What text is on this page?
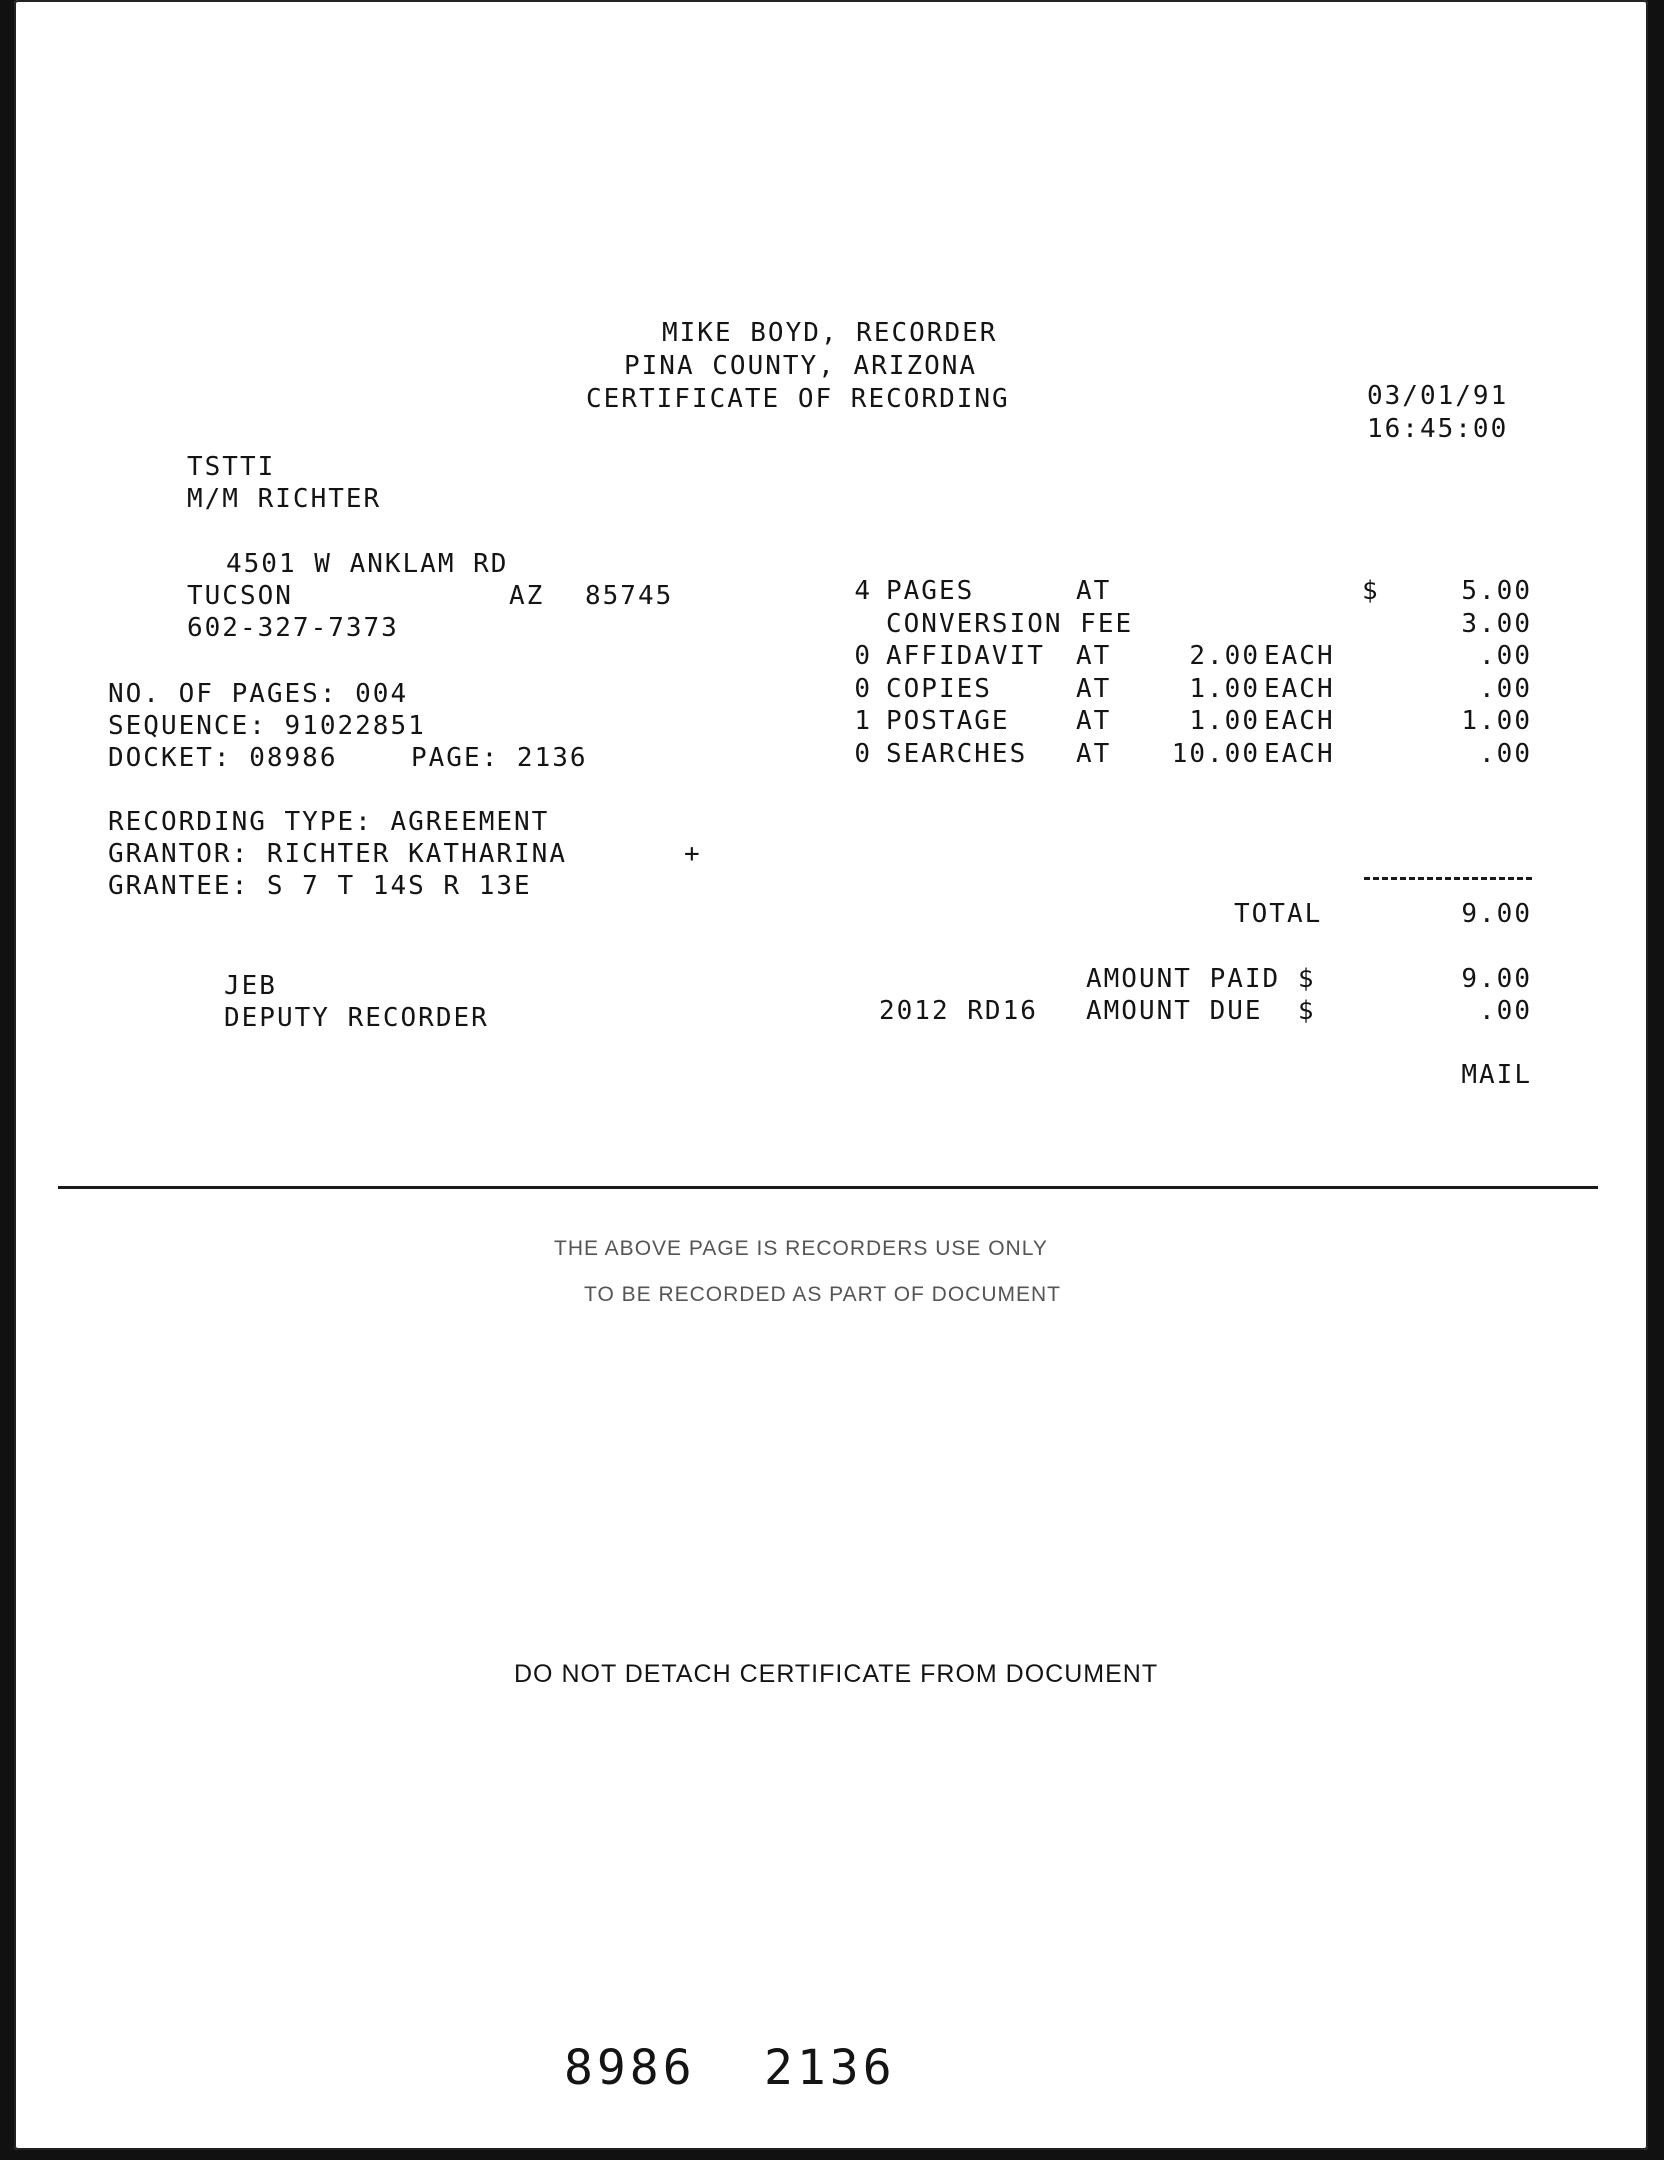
MIKE BOYD, RECORDER
PINA COUNTY, ARIZONA
CERTIFICATE OF RECORDING	03/01/91
16:45:00
TSTTI
M/M RICHTER
4501 W ANKLAM RD
TUCSON	AZ 85745
602-327-7373
NO. OF PAGES: 004
SEQUENCE: 91022851
DOCKET: 08986	PAGE: 2136
RECORDING TYPE: AGREEMENT
GRANTOR: RICHTER KATHARINA	+
GRANTEE: S 7 T 14S R 13E
4 PAGES	AT	$	5.00
CONVERSION FEE	3.00
0 AFFIDAVIT AT	2.00 EACH	.00
0 COPIES	AT	1.00 EACH	.00
1 POSTAGE	AT	1.00 EACH	1.00
0 SEARCHES AT	10.00 EACH	.00
TOTAL	9.00
AMOUNT PAID $	9.00
2012 RD16 AMOUNT DUE  $	.00
MAIL
JEB
DEPUTY RECORDER
THE ABOVE PAGE IS RECORDERS USE ONLY
TO BE RECORDED AS PART OF DOCUMENT
DO NOT DETACH CERTIFICATE FROM DOCUMENT
8986 2136
